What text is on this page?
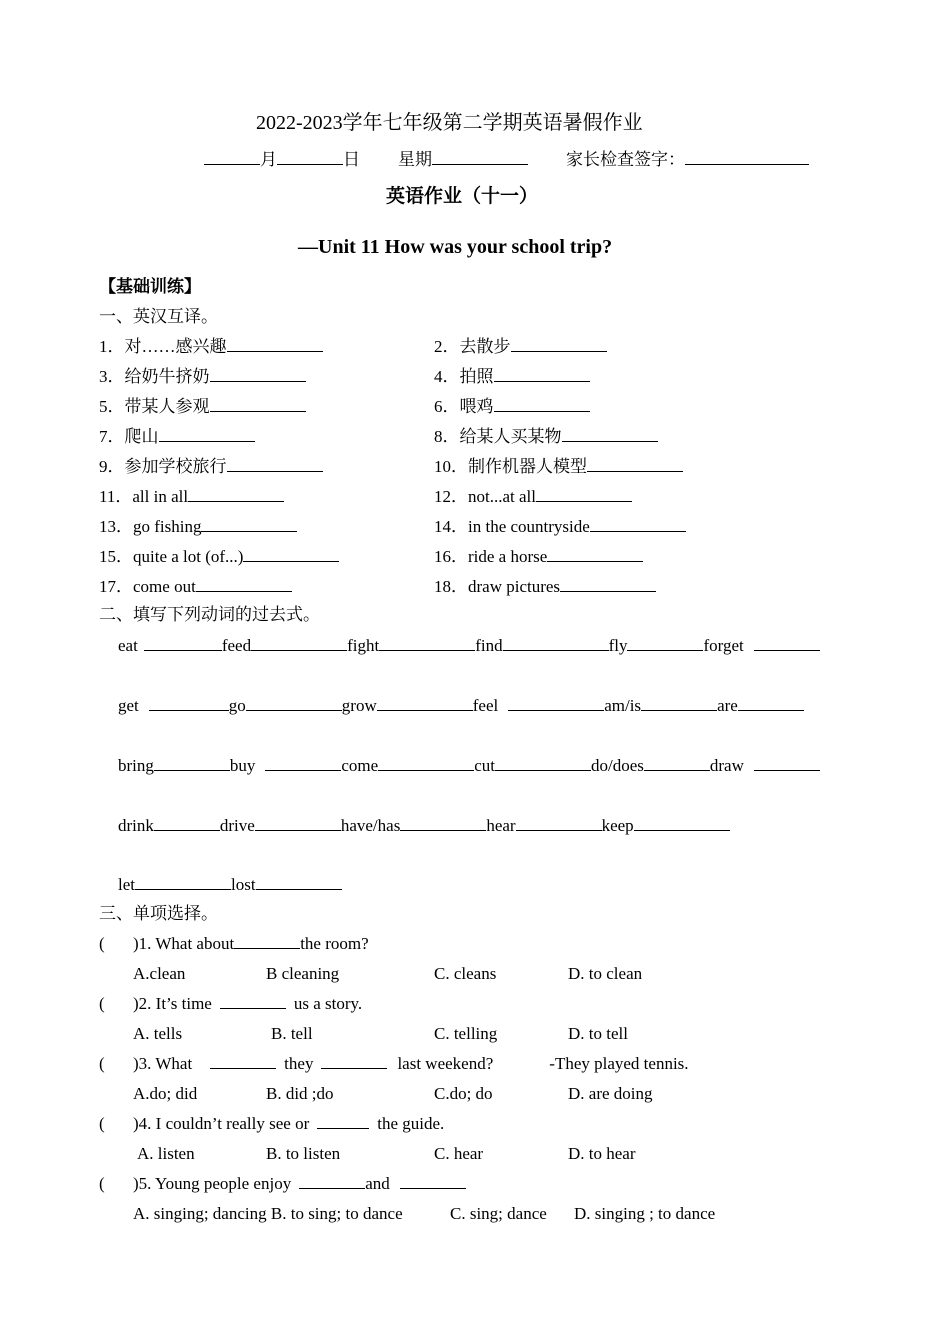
2022-2023学年七年级第二学期英语暑假作业
月	日 星期	家长检查签字：
英语作业（十一）
—Unit 11 How was your school trip?
【基础训练】
一、英汉互译。
1．对……感兴趣	2．去散步
3．给奶牛挤奶	4．拍照
5．带某人参观	6．喂鸡
7．爬山	8．给某人买某物
9．参加学校旅行	10．制作机器人模型
11．all in all	12．not...at all
13．go fishing	14．in the countryside
15．quite a lot (of...)	16．ride a horse
17．come out	18．draw pictures
二、填写下列动词的过去式。
eat	feed	fight	find	fly	forget
get	go	grow	feel	am/is	are
bring	buy	come	cut	do/does	draw
drink	drive	have/has	hear	keep
let	lost
三、单项选择。
( )1. What about	the room?
A.clean	B cleaning	C. cleans	D. to clean
( )2. It’s time	us a story.
A. tells	B. tell	C. telling	D. to tell
( )3. What	they	last weekend?	-They played tennis.
A.do; did	B. did ;do	C.do; do	D. are doing
( )4. I couldn’t really see or	the guide.
A. listen	B. to listen	C. hear	D. to hear
( )5. Young people enjoy	and
A. singing; dancing B. to sing; to dance	C. sing; dance D. singing ; to dance
